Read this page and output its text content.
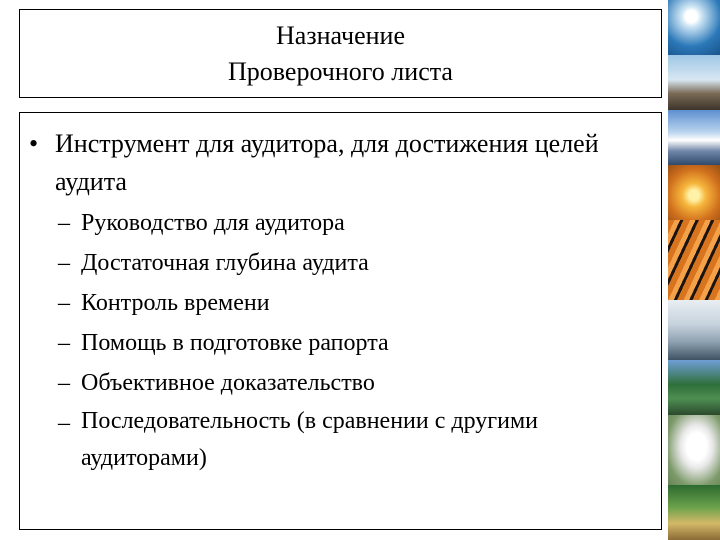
Назначение
Проверочного листа
• Инструмент для аудитора, для достижения целей аудита
– Руководство для аудитора
– Достаточная глубина аудита
– Контроль времени
– Помощь в подготовке рапорта
– Объективное доказательство
– Последовательность (в сравнении с другими аудиторами)
